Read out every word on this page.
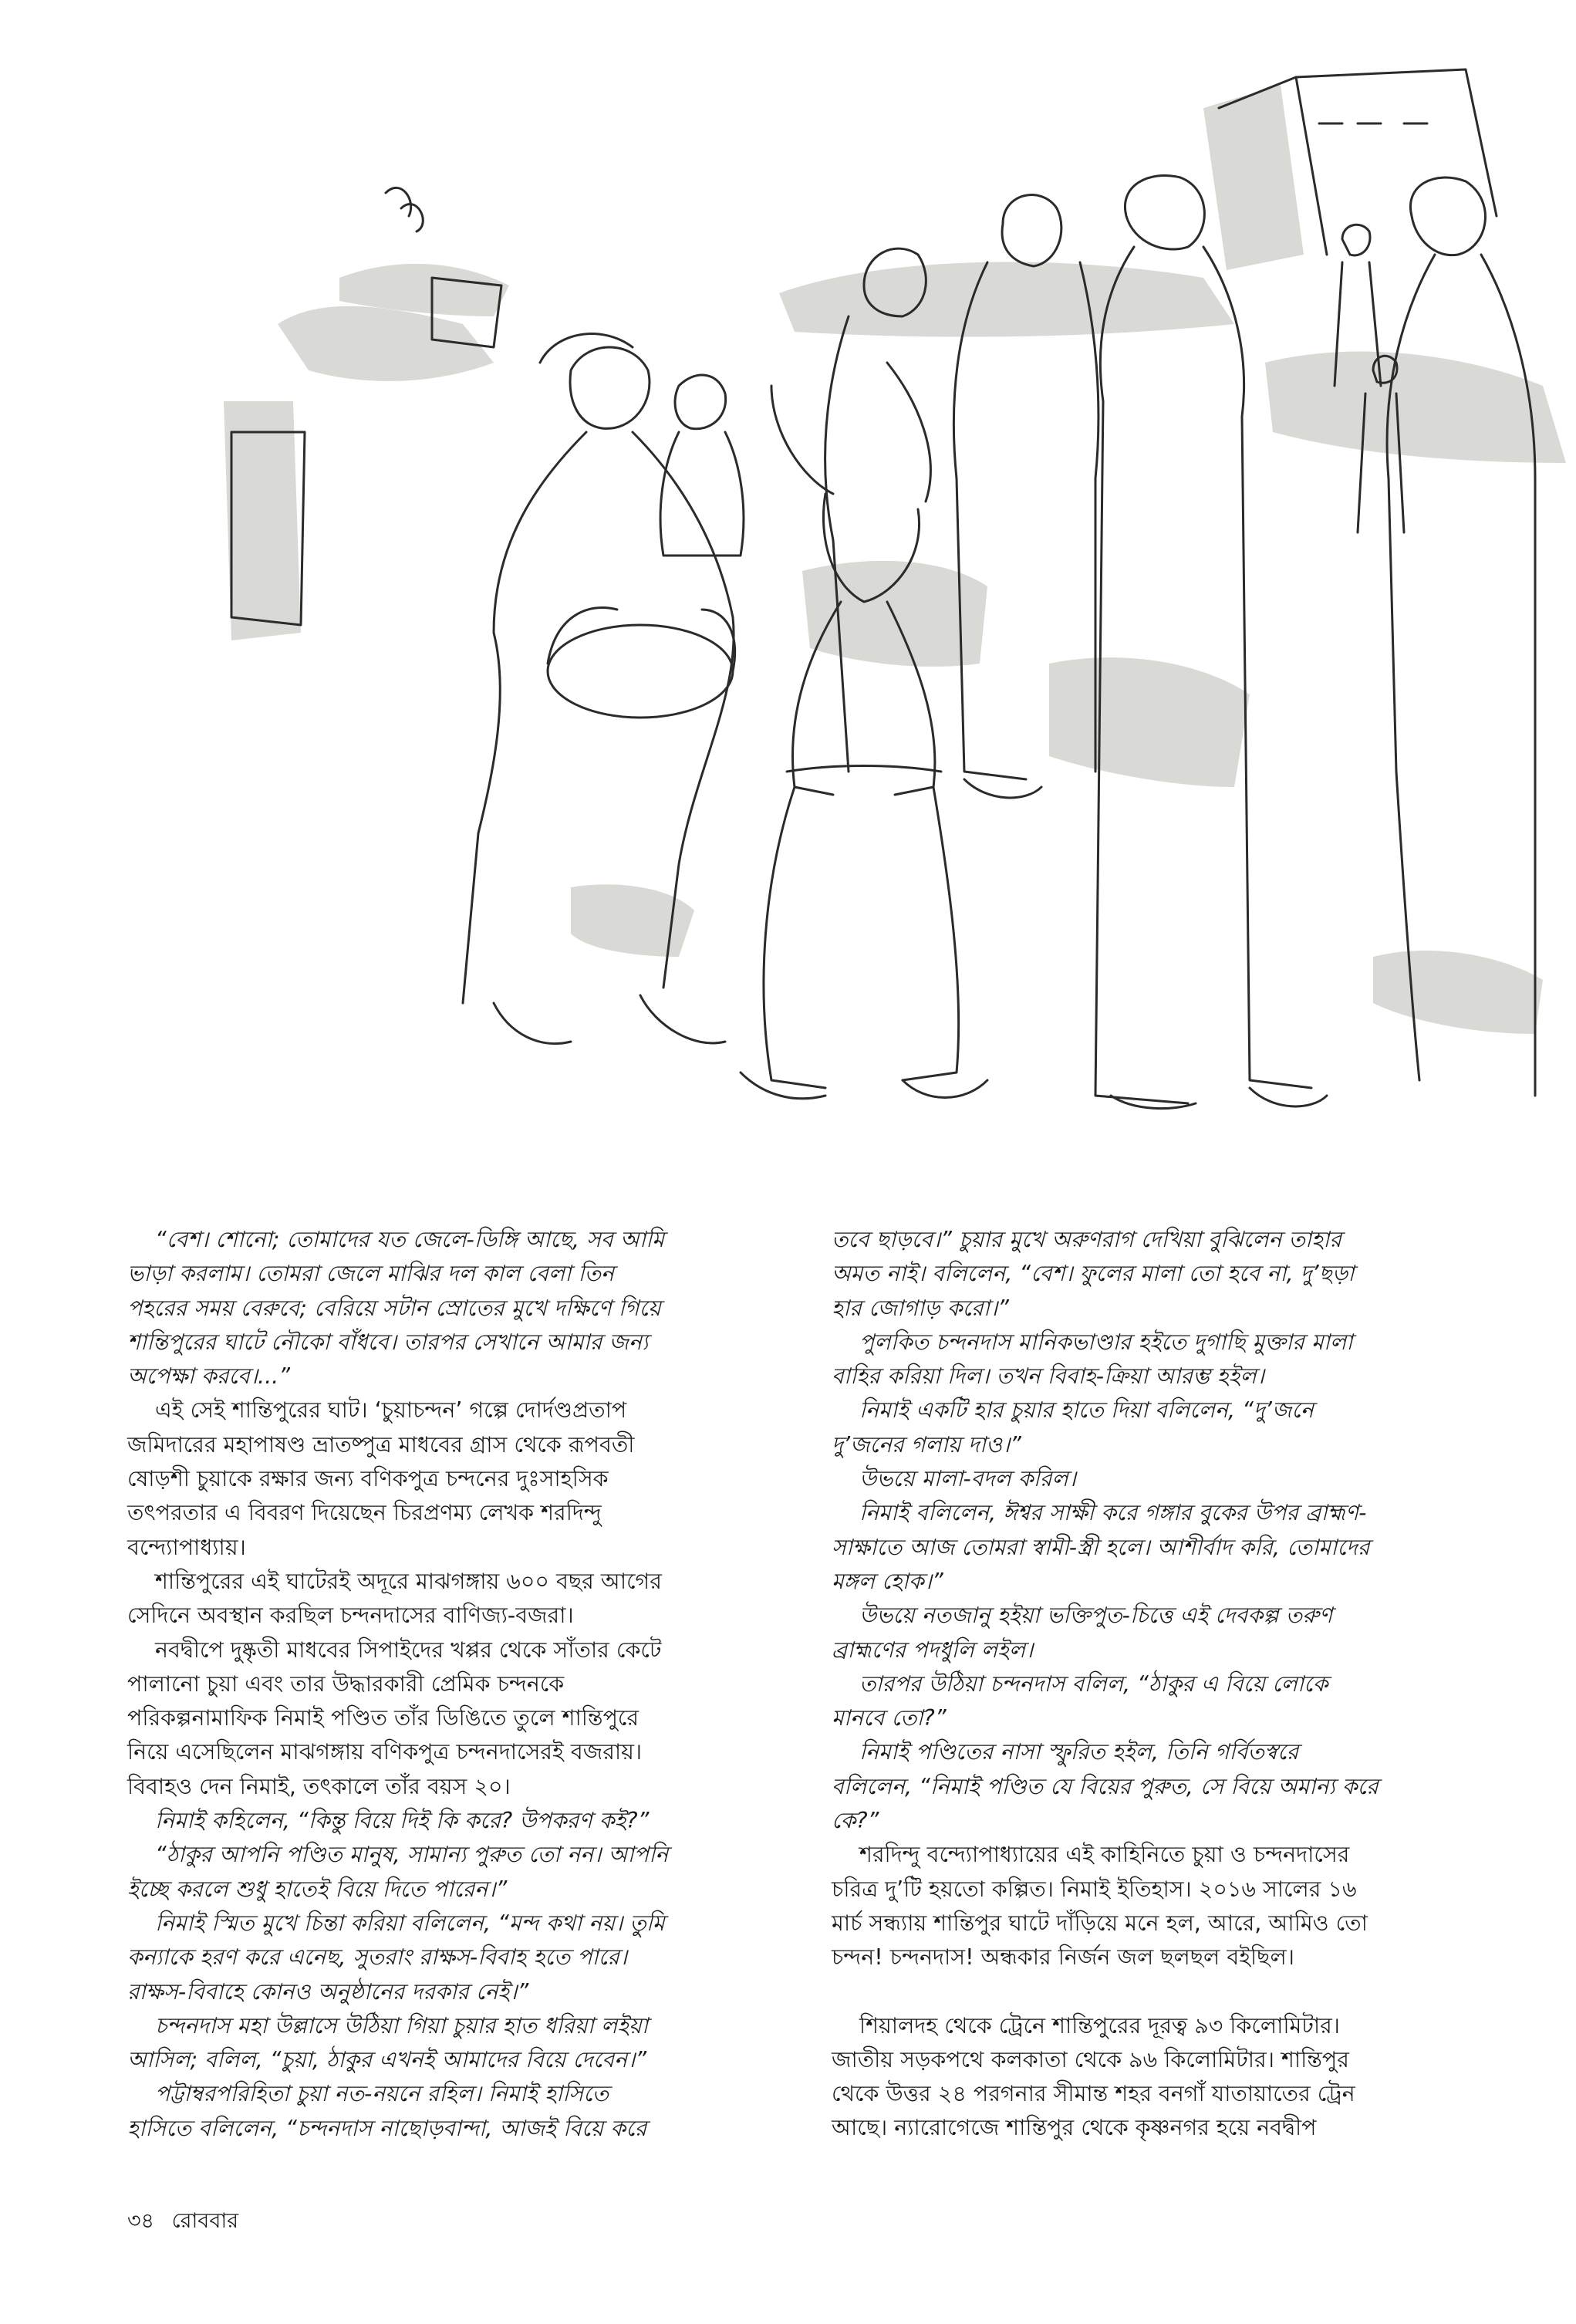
“বেশ। শোনো; তোমাদের যত জেলে-ডিঙ্গি আছে, সব আমি
ভাড়া করলাম। তোমরা জেলে মাঝির দল কাল বেলা তিন
পহরের সময় বেরুবে; বেরিয়ে সটান স্রোতের মুখে দক্ষিণে গিয়ে
শান্তিপুরের ঘাটে নৌকো বাঁধবে। তারপর সেখানে আমার জন্য
অপেক্ষা করবে।...”

এই সেই শান্তিপুরের ঘাট। ‘চুয়াচন্দন’ গল্পে দোর্দণ্ডপ্রতাপ
জমিদারের মহাপাষণ্ড ভ্রাতষ্পুত্র মাধবের গ্রাস থেকে রূপবতী
ষোড়শী চুয়াকে রক্ষার জন্য বণিকপুত্র চন্দনের দুঃসাহসিক
তৎপরতার এ বিবরণ দিয়েছেন চিরপ্রণম্য লেখক শরদিন্দু
বন্দ্যোপাধ্যায়।

শান্তিপুরের এই ঘাটেরই অদূরে মাঝগঙ্গায় ৬০০ বছর আগের
সেদিনে অবস্থান করছিল চন্দনদাসের বাণিজ্য-বজরা।

নবদ্বীপে দুষ্কৃতী মাধবের সিপাইদের খপ্পর থেকে সাঁতার কেটে
পালানো চুয়া এবং তার উদ্ধারকারী প্রেমিক চন্দনকে
পরিকল্পনামাফিক নিমাই পণ্ডিত তাঁর ডিঙিতে তুলে শান্তিপুরে
নিয়ে এসেছিলেন মাঝগঙ্গায় বণিকপুত্র চন্দনদাসেরই বজরায়।
বিবাহও দেন নিমাই, তৎকালে তাঁর বয়স ২০।

নিমাই কহিলেন, “কিন্তু বিয়ে দিই কি করে? উপকরণ কই?”

“ঠাকুর আপনি পণ্ডিত মানুষ, সামান্য পুরুত তো নন। আপনি
ইচ্ছে করলে শুধু হাতেই বিয়ে দিতে পারেন।”

নিমাই স্মিত মুখে চিন্তা করিয়া বলিলেন, “মন্দ কথা নয়। তুমি
কন্যাকে হরণ করে এনেছ, সুতরাং রাক্ষস-বিবাহ হতে পারে।
রাক্ষস-বিবাহে কোনও অনুষ্ঠানের দরকার নেই।”

চন্দনদাস মহা উল্লাসে উঠিয়া গিয়া চুয়ার হাত ধরিয়া লইয়া
আসিল; বলিল, “চুয়া, ঠাকুর এখনই আমাদের বিয়ে দেবেন।”

পট্টাম্বরপরিহিতা চুয়া নত-নয়নে রহিল। নিমাই হাসিতে
হাসিতে বলিলেন, “চন্দনদাস নাছোড়বান্দা, আজই বিয়ে করে

তবে ছাড়বে।” চুয়ার মুখে অরুণরাগ দেখিয়া বুঝিলেন তাহার
অমত নাই। বলিলেন, “বেশ। ফুলের মালা তো হবে না, দু’ছড়া
হার জোগাড় করো।”

পুলকিত চন্দনদাস মানিকভাণ্ডার হইতে দুগাছি মুক্তার মালা
বাহির করিয়া দিল। তখন বিবাহ-ক্রিয়া আরম্ভ হইল।

নিমাই একটি হার চুয়ার হাতে দিয়া বলিলেন, “দু’জনে
দু’জনের গলায় দাও।”

উভয়ে মালা-বদল করিল।

নিমাই বলিলেন, ঈশ্বর সাক্ষী করে গঙ্গার বুকের উপর ব্রাহ্মণ-
সাক্ষাতে আজ তোমরা স্বামী-স্ত্রী হলে। আশীর্বাদ করি, তোমাদের
মঙ্গল হোক।”

উভয়ে নতজানু হইয়া ভক্তিপুত-চিত্তে এই দেবকল্প তরুণ
ব্রাহ্মণের পদধুলি লইল।

তারপর উঠিয়া চন্দনদাস বলিল, “ঠাকুর এ বিয়ে লোকে
মানবে তো?”

নিমাই পণ্ডিতের নাসা স্ফুরিত হইল, তিনি গর্বিতস্বরে
বলিলেন, “নিমাই পণ্ডিত যে বিয়ের পুরুত, সে বিয়ে অমান্য করে
কে?”

শরদিন্দু বন্দ্যোপাধ্যায়ের এই কাহিনিতে চুয়া ও চন্দনদাসের
চরিত্র দু’টি হয়তো কল্পিত। নিমাই ইতিহাস। ২০১৬ সালের ১৬
মার্চ সন্ধ্যায় শান্তিপুর ঘাটে দাঁড়িয়ে মনে হল, আরে, আমিও তো
চন্দন! চন্দনদাস! অন্ধকার নির্জন জল ছলছল বইছিল।

শিয়ালদহ থেকে ট্রেনে শান্তিপুরের দূরত্ব ৯৩ কিলোমিটার।
জাতীয় সড়কপথে কলকাতা থেকে ৯৬ কিলোমিটার। শান্তিপুর
থেকে উত্তর ২৪ পরগনার সীমান্ত শহর বনগাঁ যাতায়াতের ট্রেন
আছে। ন্যারোগেজে শান্তিপুর থেকে কৃষ্ণনগর হয়ে নবদ্বীপ

৩৪ রোববার
